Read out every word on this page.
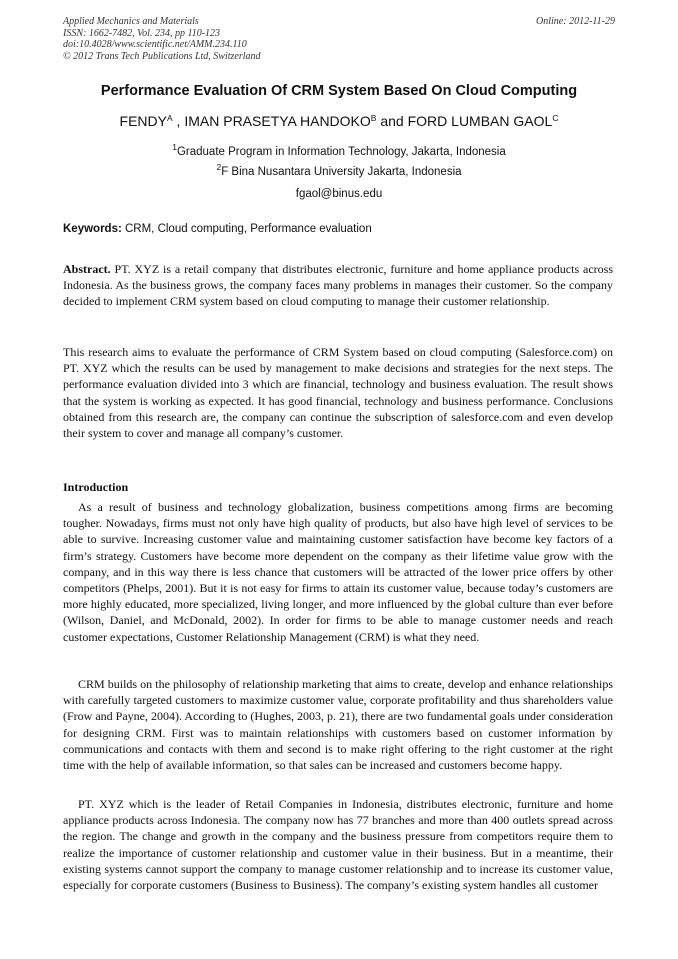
Applied Mechanics and Materials
ISSN: 1662-7482, Vol. 234, pp 110-123
doi:10.4028/www.scientific.net/AMM.234.110
© 2012 Trans Tech Publications Ltd, Switzerland
Online: 2012-11-29
Performance Evaluation Of CRM System Based On Cloud Computing
$FENDY^A$ , IMAN PRASETYA $HANDOKO^B$ and FORD LUMBAN $GAOL^C$
$^1$Graduate Program in Information Technology, Jakarta, Indonesia
$^2$F Bina Nusantara University Jakarta, Indonesia
fgaol@binus.edu
Keywords: CRM, Cloud computing, Performance evaluation
Abstract. PT. XYZ is a retail company that distributes electronic, furniture and home appliance products across Indonesia. As the business grows, the company faces many problems in manages their customer. So the company decided to implement CRM system based on cloud computing to manage their customer relationship.
This research aims to evaluate the performance of CRM System based on cloud computing (Salesforce.com) on PT. XYZ which the results can be used by management to make decisions and strategies for the next steps. The performance evaluation divided into 3 which are financial, technology and business evaluation. The result shows that the system is working as expected. It has good financial, technology and business performance. Conclusions obtained from this research are, the company can continue the subscription of salesforce.com and even develop their system to cover and manage all company’s customer.
Introduction
As a result of business and technology globalization, business competitions among firms are becoming tougher. Nowadays, firms must not only have high quality of products, but also have high level of services to be able to survive. Increasing customer value and maintaining customer satisfaction have become key factors of a firm’s strategy. Customers have become more dependent on the company as their lifetime value grow with the company, and in this way there is less chance that customers will be attracted of the lower price offers by other competitors (Phelps, 2001). But it is not easy for firms to attain its customer value, because today’s customers are more highly educated, more specialized, living longer, and more influenced by the global culture than ever before (Wilson, Daniel, and McDonald, 2002). In order for firms to be able to manage customer needs and reach customer expectations, Customer Relationship Management (CRM) is what they need.
CRM builds on the philosophy of relationship marketing that aims to create, develop and enhance relationships with carefully targeted customers to maximize customer value, corporate profitability and thus shareholders value (Frow and Payne, 2004). According to (Hughes, 2003, p. 21), there are two fundamental goals under consideration for designing CRM. First was to maintain relationships with customers based on customer information by communications and contacts with them and second is to make right offering to the right customer at the right time with the help of available information, so that sales can be increased and customers become happy.
PT. XYZ which is the leader of Retail Companies in Indonesia, distributes electronic, furniture and home appliance products across Indonesia. The company now has 77 branches and more than 400 outlets spread across the region. The change and growth in the company and the business pressure from competitors require them to realize the importance of customer relationship and customer value in their business. But in a meantime, their existing systems cannot support the company to manage customer relationship and to increase its customer value, especially for corporate customers (Business to Business). The company’s existing system handles all customer
